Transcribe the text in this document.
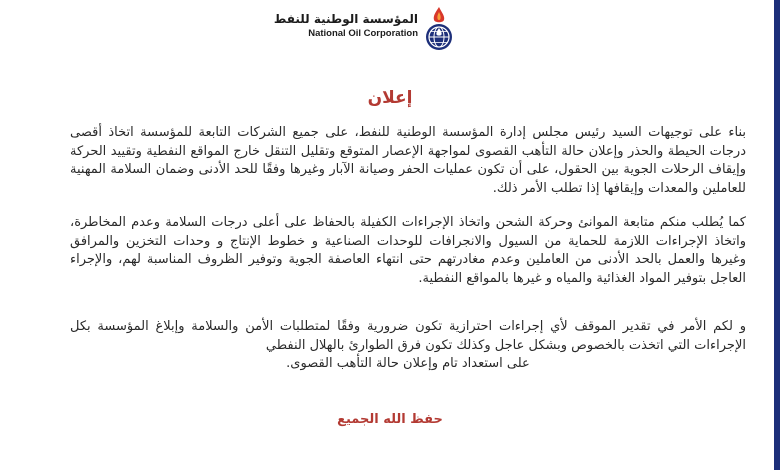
المؤسسة الوطنية للنفط
National Oil Corporation
إعلان
بناء على توجيهات السيد رئيس مجلس إدارة المؤسسة الوطنية للنفط، على جميع الشركات التابعة للمؤسسة اتخاذ أقصى درجات الحيطة والحذر وإعلان حالة التأهب القصوى لمواجهة الإعصار المتوقع وتقليل التنقل خارج المواقع النفطية وتقييد الحركة وإيقاف الرحلات الجوية بين الحقول، على أن تكون عمليات الحفر وصيانة الآبار وغيرها وفقًا للحد الأدنى وضمان السلامة المهنية للعاملين والمعدات وإيقافها إذا تطلب الأمر ذلك.
كما يُطلب منكم متابعة الموانئ وحركة الشحن واتخاذ الإجراءات الكفيلة بالحفاظ على أعلى درجات السلامة وعدم المخاطرة، واتخاذ الإجراءات اللازمة للحماية من السيول والانجرافات للوحدات الصناعية و خطوط الإنتاج و وحدات التخزين والمرافق وغيرها والعمل بالحد الأدنى من العاملين وعدم مغادرتهم حتى انتهاء العاصفة الجوية وتوفير الظروف المناسبة لهم، والإجراء العاجل بتوفير المواد الغذائية والمياه و غيرها بالمواقع النفطية.
و لكم الأمر في تقدير الموقف لأي إجراءات احترازية تكون ضرورية وفقًا لمتطلبات الأمن والسلامة وإبلاغ المؤسسة بكل الإجراءات التي اتخذت بالخصوص وبشكل عاجل وكذلك تكون فرق الطوارئ بالهلال النفطي
على استعداد تام وإعلان حالة التأهب القصوى.
حفظ الله الجميع
